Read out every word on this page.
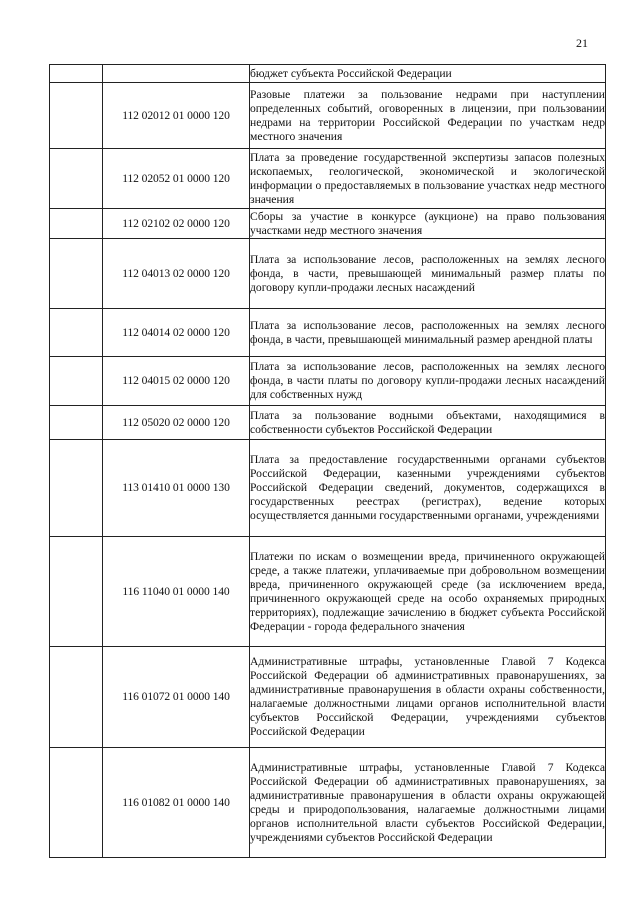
21

		бюджет субъекта Российской Федерации

	112 02012 01 0000 120	Разовые платежи за пользование недрами при наступлении определенных событий, оговоренных в лицензии, при пользовании недрами на территории Российской Федерации по участкам недр местного значения

	112 02052 01 0000 120	Плата за проведение государственной экспертизы запасов полезных ископаемых, геологической, экономической и экологической информации о предоставляемых в пользование участках недр местного значения

	112 02102 02 0000 120	Сборы за участие в конкурсе (аукционе) на право пользования участками недр местного значения

	112 04013 02 0000 120	Плата за использование лесов, расположенных на землях лесного фонда, в части, превышающей минимальный размер платы по договору купли-продажи лесных насаждений

	112 04014 02 0000 120	Плата за использование лесов, расположенных на землях лесного фонда, в части, превышающей минимальный размер арендной платы

	112 04015 02 0000 120	Плата за использование лесов, расположенных на землях лесного фонда, в части платы по договору купли-продажи лесных насаждений для собственных нужд

	112 05020 02 0000 120	Плата за пользование водными объектами, находящимися в собственности субъектов Российской Федерации

	113 01410 01 0000 130	Плата за предоставление государственными органами субъектов Российской Федерации, казенными учреждениями субъектов Российской Федерации сведений, документов, содержащихся в государственных реестрах (регистрах), ведение которых осуществляется данными государственными органами, учреждениями

	116 11040 01 0000 140	Платежи по искам о возмещении вреда, причиненного окружающей среде, а также платежи, уплачиваемые при добровольном возмещении вреда, причиненного окружающей среде (за исключением вреда, причиненного окружающей среде на особо охраняемых природных территориях), подлежащие зачислению в бюджет субъекта Российской Федерации - города федерального значения

	116 01072 01 0000 140	Административные штрафы, установленные Главой 7 Кодекса Российской Федерации об административных правонарушениях, за административные правонарушения в области охраны собственности, налагаемые должностными лицами органов исполнительной власти субъектов Российской Федерации, учреждениями субъектов Российской Федерации

	116 01082 01 0000 140	Административные штрафы, установленные Главой 7 Кодекса Российской Федерации об административных правонарушениях, за административные правонарушения в области охраны окружающей среды и природопользования, налагаемые должностными лицами органов исполнительной власти субъектов Российской Федерации, учреждениями субъектов Российской Федерации
